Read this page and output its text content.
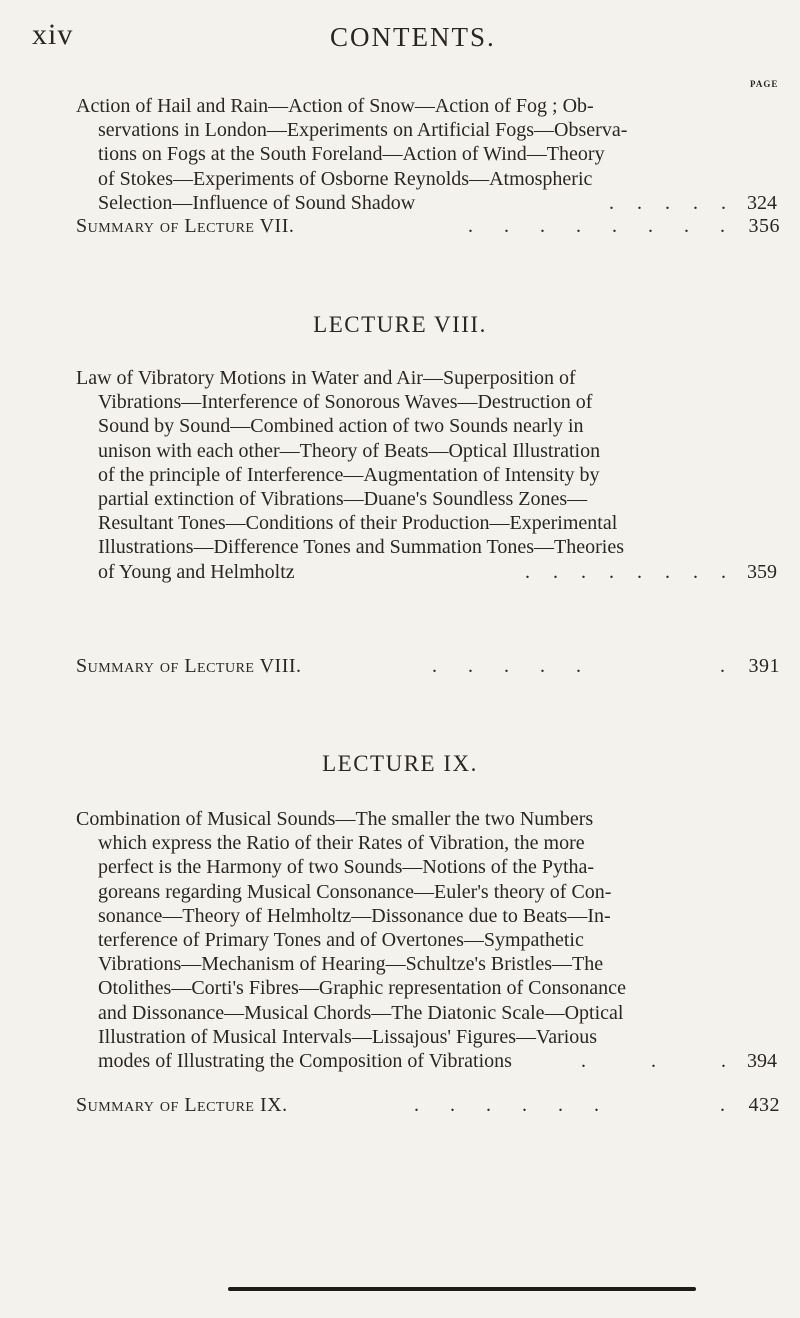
xiv	CONTENTS.
PAGE
Action of Hail and Rain—Action of Snow—Action of Fog ; Ob-
servations in London—Experiments on Artificial Fogs—Observa-
tions on Fogs at the South Foreland—Action of Wind—Theory
of Stokes—Experiments of Osborne Reynolds—Atmospheric
Selection—Influence of Sound Shadow	. . . . . 324
Summary of Lecture VII.	. . . . . . . . 356
LECTURE VIII.
Law of Vibratory Motions in Water and Air—Superposition of
Vibrations—Interference of Sonorous Waves—Destruction of
Sound by Sound—Combined action of two Sounds nearly in
unison with each other—Theory of Beats—Optical Illustration
of the principle of Interference—Augmentation of Intensity by
partial extinction of Vibrations—Duane's Soundless Zones—
Resultant Tones—Conditions of their Production—Experimental
Illustrations—Difference Tones and Summation Tones—Theories
of Young and Helmholtz	. . . . . . . . 359
Summary of Lecture VIII.	. . . . .       . 391
LECTURE IX.
Combination of Musical Sounds—The smaller the two Numbers
which express the Ratio of their Rates of Vibration, the more
perfect is the Harmony of two Sounds—Notions of the Pytha-
goreans regarding Musical Consonance—Euler's theory of Con-
sonance—Theory of Helmholtz—Dissonance due to Beats—In-
terference of Primary Tones and of Overtones—Sympathetic
Vibrations—Mechanism of Hearing—Schultze's Bristles—The
Otolithes—Corti's Fibres—Graphic representation of Consonance
and Dissonance—Musical Chords—The Diatonic Scale—Optical
Illustration of Musical Intervals—Lissajous' Figures—Various
modes of Illustrating the Composition of Vibrations	.    .    . 394
Summary of Lecture IX.	. . . . . .      . 432
